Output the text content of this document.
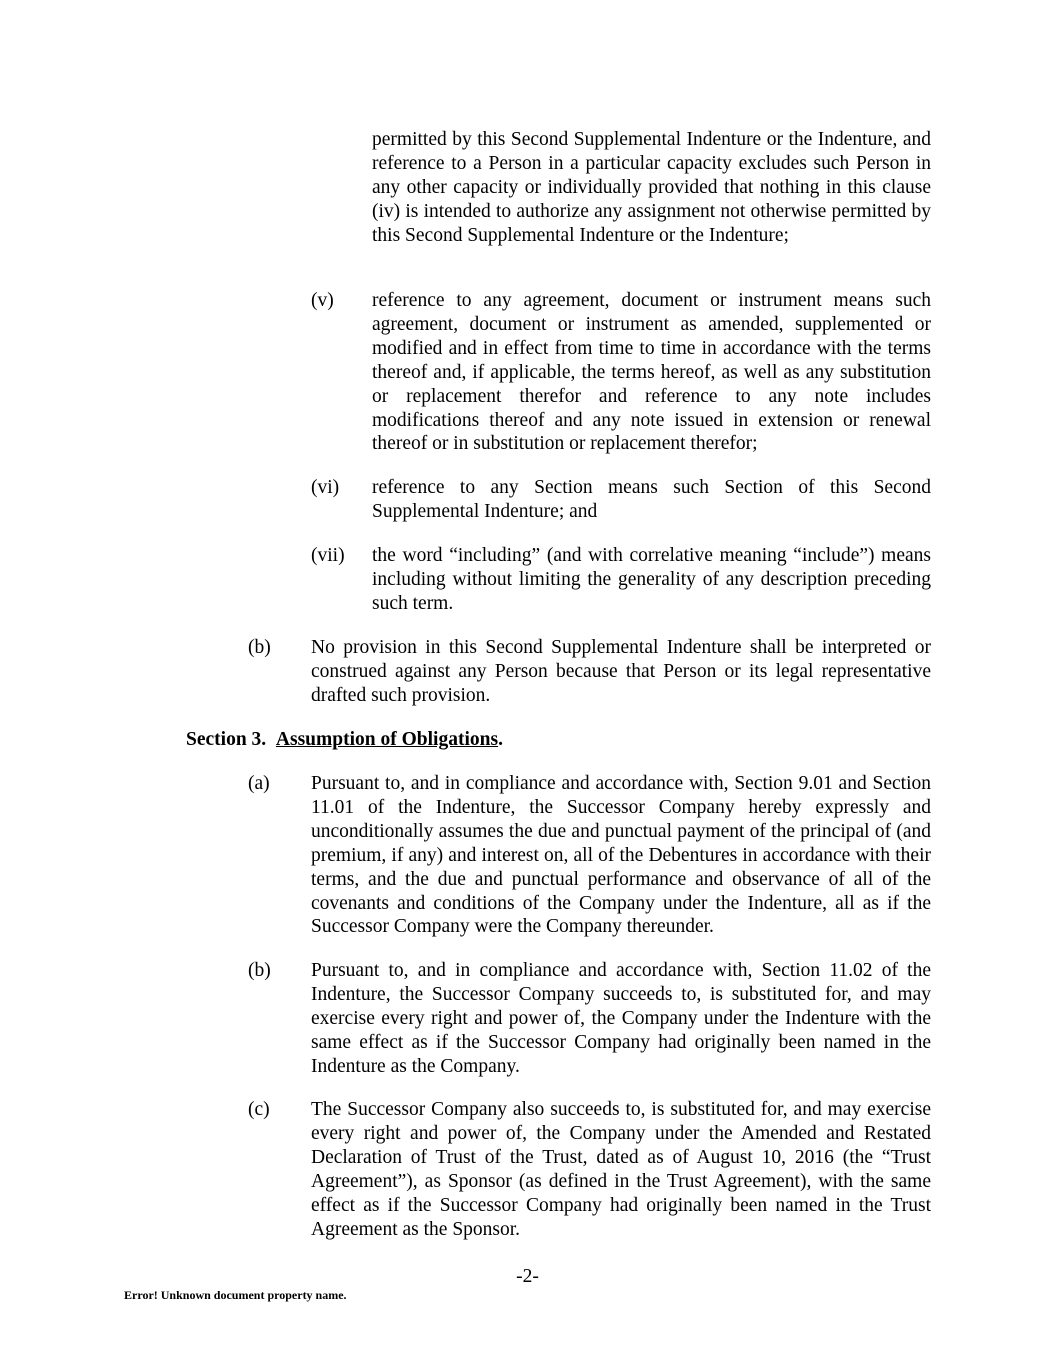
permitted by this Second Supplemental Indenture or the Indenture, and reference to a Person in a particular capacity excludes such Person in any other capacity or individually provided that nothing in this clause (iv) is intended to authorize any assignment not otherwise permitted by this Second Supplemental Indenture or the Indenture;
(v) reference to any agreement, document or instrument means such agreement, document or instrument as amended, supplemented or modified and in effect from time to time in accordance with the terms thereof and, if applicable, the terms hereof, as well as any substitution or replacement therefor and reference to any note includes modifications thereof and any note issued in extension or renewal thereof or in substitution or replacement therefor;
(vi) reference to any Section means such Section of this Second Supplemental Indenture; and
(vii) the word “including” (and with correlative meaning “include”) means including without limiting the generality of any description preceding such term.
(b) No provision in this Second Supplemental Indenture shall be interpreted or construed against any Person because that Person or its legal representative drafted such provision.
Section 3. Assumption of Obligations.
(a) Pursuant to, and in compliance and accordance with, Section 9.01 and Section 11.01 of the Indenture, the Successor Company hereby expressly and unconditionally assumes the due and punctual payment of the principal of (and premium, if any) and interest on, all of the Debentures in accordance with their terms, and the due and punctual performance and observance of all of the covenants and conditions of the Company under the Indenture, all as if the Successor Company were the Company thereunder.
(b) Pursuant to, and in compliance and accordance with, Section 11.02 of the Indenture, the Successor Company succeeds to, is substituted for, and may exercise every right and power of, the Company under the Indenture with the same effect as if the Successor Company had originally been named in the Indenture as the Company.
(c) The Successor Company also succeeds to, is substituted for, and may exercise every right and power of, the Company under the Amended and Restated Declaration of Trust of the Trust, dated as of August 10, 2016 (the “Trust Agreement”), as Sponsor (as defined in the Trust Agreement), with the same effect as if the Successor Company had originally been named in the Trust Agreement as the Sponsor.
-2-
Error! Unknown document property name.
